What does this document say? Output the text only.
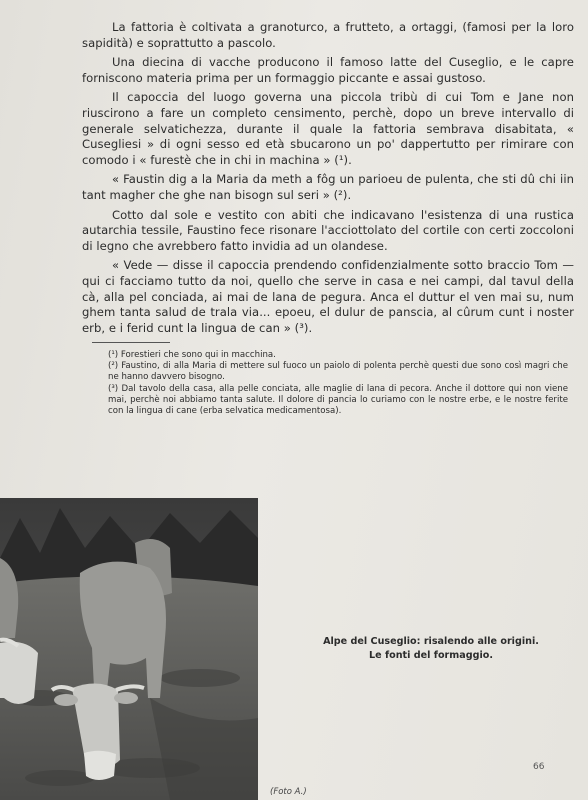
La fattoria è coltivata a granoturco, a frutteto, a ortaggi, (famosi per la loro sapidità) e soprattutto a pascolo.

Una diecina di vacche producono il famoso latte del Cuseglio, e le capre forniscono materia prima per un formaggio piccante e assai gustoso.

Il capoccia del luogo governa una piccola tribù di cui Tom e Jane non riuscirono a fare un completo censimento, perchè, dopo un breve intervallo di generale selvatichezza, durante il quale la fattoria sembrava disabitata, « Cusegliesi » di ogni sesso ed età sbucarono un po' dappertutto per rimirare con comodo i « furestè che in chi in machina » (¹).

« Faustin dig a la Maria da meth a fôg un parioeu de pulenta, che sti dû chi iin tant magher che ghe nan bisogn sul seri » (²).

Cotto dal sole e vestito con abiti che indicavano l'esistenza di una rustica autarchia tessile, Faustino fece risonare l'acciottolato del cortile con certi zoccoloni di legno che avrebbero fatto invidia ad un olandese.

« Vede — disse il capoccia prendendo confidenzialmente sotto braccio Tom — qui ci facciamo tutto da noi, quello che serve in casa e nei campi, dal tavul della cà, alla pel conciada, ai mai de lana de pegura. Anca el duttur el ven mai su, num ghem tanta salud de trala via... epoeu, el dulur de panscia, al cûrum cunt i noster erb, e i ferid cunt la lingua de can » (³).

(¹) Forestieri che sono qui in macchina.

(²) Faustino, di alla Maria di mettere sul fuoco un paiolo di polenta perchè questi due sono così magri che ne hanno davvero bisogno.

(³) Dal tavolo della casa, alla pelle conciata, alle maglie di lana di pecora. Anche il dottore qui non viene mai, perchè noi abbiamo tanta salute. Il dolore di pancia lo curiamo con le nostre erbe, e le nostre ferite con la lingua di cane (erba selvatica medicamentosa).

Alpe del Cuseglio: risalendo alle origini.
Le fonti del formaggio.
66
(Foto A.)
